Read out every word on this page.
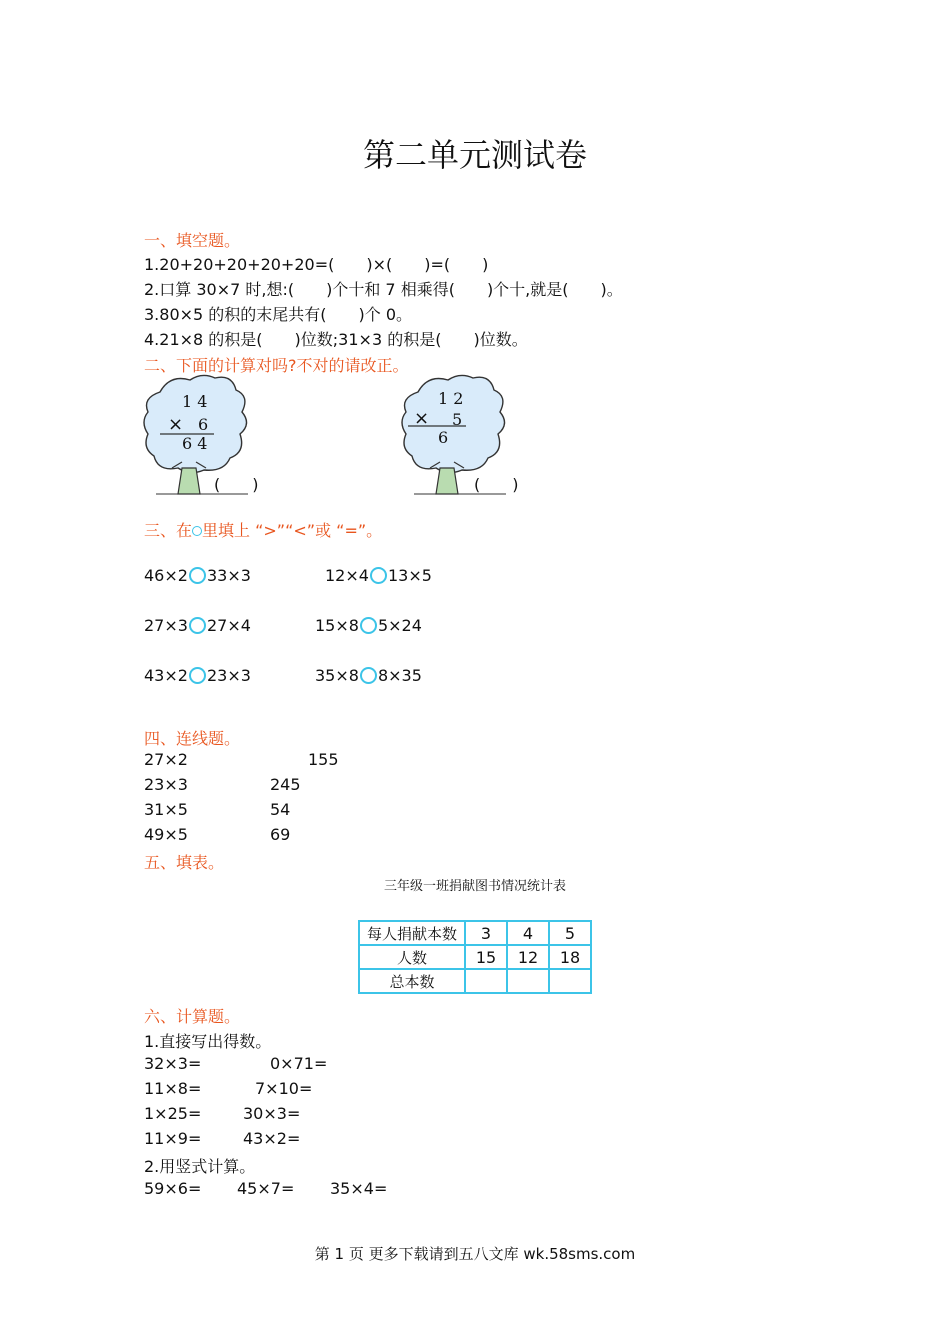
第二单元测试卷
一、填空题。
1.20+20+20+20+20=(　　)×(　　)=(　　)
2.口算 30×7 时,想:(　　)个十和 7 相乘得(　　)个十,就是(　　)。
3.80×5 的积的末尾共有(　　)个 0。
4.21×8 的积是(　　)位数;31×3 的积是(　　)位数。
二、下面的计算对吗?不对的请改正。
1 4
× 6
6 4
(　　)
1 2
× 5
6
(　　)
三、在 里填上 “>”“<”或 “=”。
46×2 33×3	12×4 13×5
27×3 27×4	15×8 5×24
43×2 23×3	35×8 8×35
四、连线题。
27×2
23×3
31×5
49×5
155
245
54
69
五、填表。
三年级一班捐献图书情况统计表
每人捐献本数	3	4	5
人数	15	12	18
总本数			
六、计算题。
1.直接写出得数。
32×3=	0×71=
11×8=	7×10=
1×25=	30×3=
11×9=	43×2=
2.用竖式计算。
59×6= 45×7= 35×4=
第 1 页 更多下载请到五八文库 wk.58sms.com
